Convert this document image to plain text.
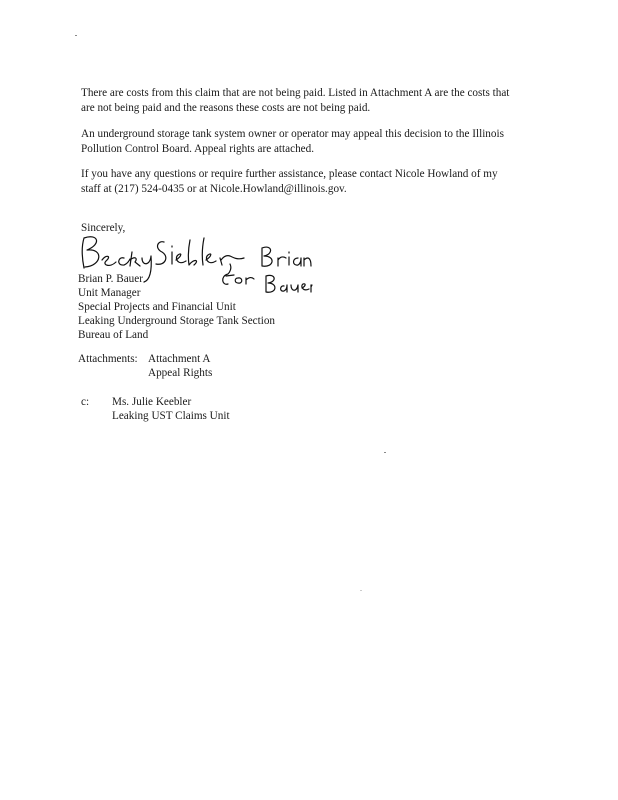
There are costs from this claim that are not being paid. Listed in Attachment A are the costs that
are not being paid and the reasons these costs are not being paid.

An underground storage tank system owner or operator may appeal this decision to the Illinois
Pollution Control Board. Appeal rights are attached.

If you have any questions or require further assistance, please contact Nicole Howland of my
staff at (217) 524-0435 or at Nicole.Howland@illinois.gov.

Sincerely,
Brian P. Bauer
Unit Manager
Special Projects and Financial Unit
Leaking Underground Storage Tank Section
Bureau of Land
Attachments: Attachment A
Appeal Rights
c: Ms. Julie Keebler
Leaking UST Claims Unit
